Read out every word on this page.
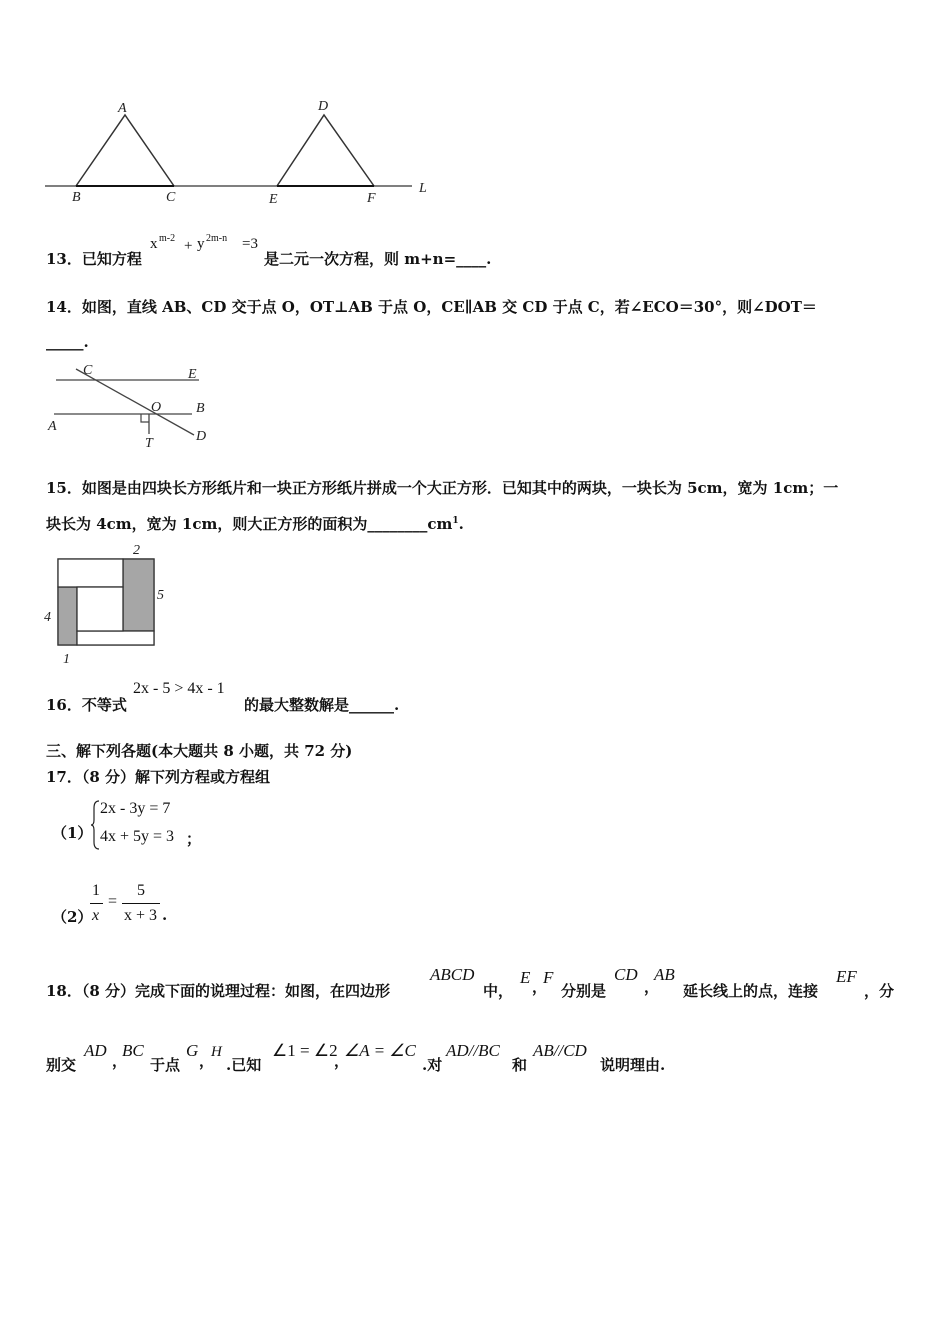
A
B	C
D
E	F
L
13．已知方程
x m-2 + y 2m-n =3
是二元一次方程，则 m+n=____.
14．如图，直线 AB、CD 交于点 O，OT⊥AB 于点 O，CE∥AB 交 CD 于点 C，若∠ECO＝30°，则∠DOT＝
_____.
C	E
O B
A
T	D
15．如图是由四块长方形纸片和一块正方形纸片拼成一个大正方形．已知其中的两块，一块长为 5cm，宽为 1cm；一
块长为 4cm，宽为 1cm，则大正方形的面积为$\_\_\_\_\_\_\_\_cm^1$.
2
5
4
1
16．不等式
2x - 5 > 4x - 1
的最大整数解是______.
三、解下列各题(本大题共 8 小题，共 72 分)
17．（8 分）解下列方程或方程组
（1）
2x - 3y = 7
4x + 5y = 3 ；
（2）
1
x
=
5
x + 3 .
18．（8 分）完成下面的说理过程：如图，在四边形
ABCD
中，
E ，
F
分别是
CD
，
AB
延长线上的点，连接
EF
，分
别交
AD
，
BC
于点
G
，
H
.已知
∠1 = ∠2
，
∠A = ∠C
.对
AD//BC
和
AB//CD
说明理由.
